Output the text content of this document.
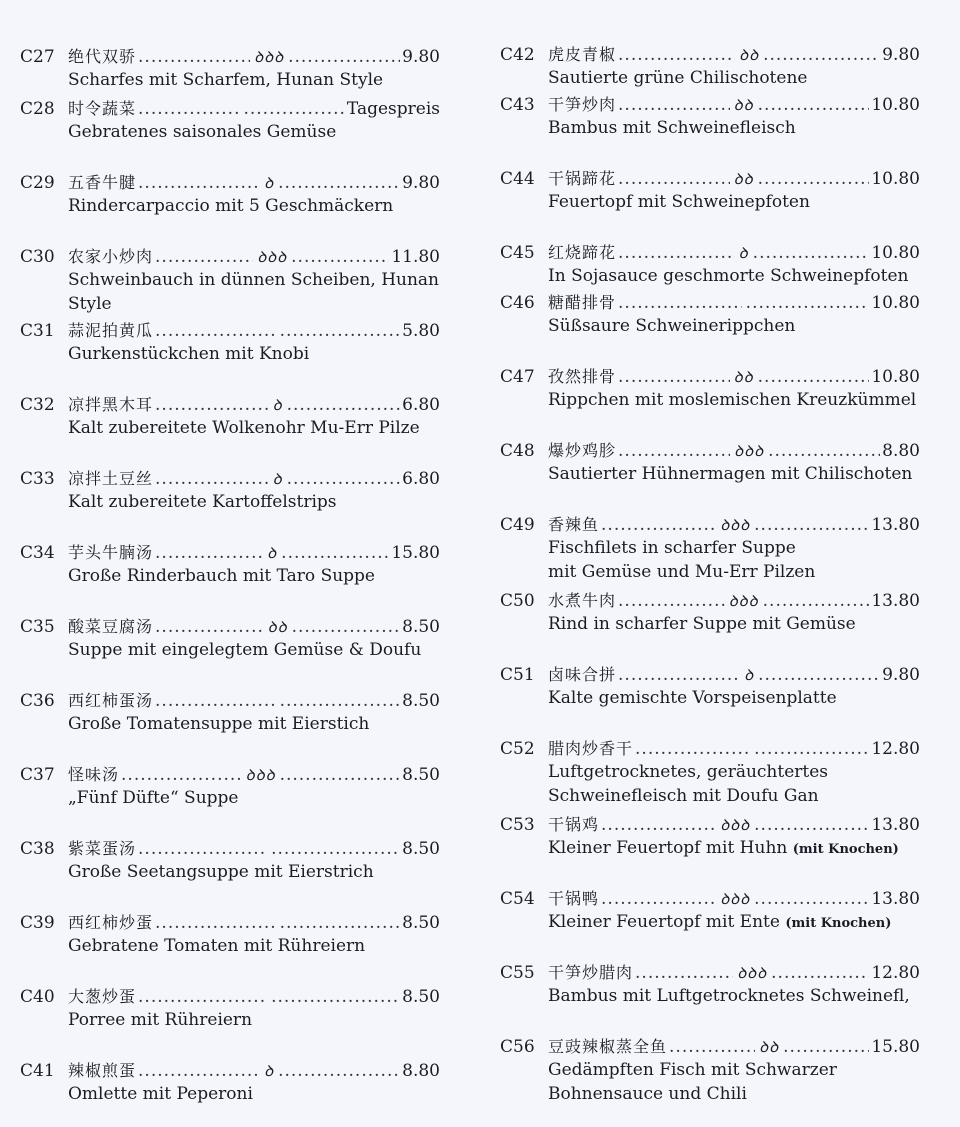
C27 绝代双骄 .....	ꝺꝺꝺ .....	9.80
Scharfes mit Scharfem, Hunan Style
C28 时令蔬菜 ..... .....	Tagespreis
Gebratenes saisonales Gemüse
C29 五香牛腱 .....	ꝺ .....	9.80
Rindercarpaccio mit 5 Geschmäckern
C30 农家小炒肉 .....	ꝺꝺꝺ .....	11.80
Schweinbauch in dünnen Scheiben, Hunan
Style
C31 蒜泥拍黄瓜 ..... .....	5.80
Gurkenstückchen mit Knobi
C32 凉拌黑木耳 .....	ꝺ .....	6.80
Kalt zubereitete Wolkenohr Mu-Err Pilze
C33 凉拌土豆丝 .....	ꝺ .....	6.80
Kalt zubereitete Kartoffelstrips
C34 芋头牛腩汤 .....	ꝺ .....	15.80
Große Rinderbauch mit Taro Suppe
C35 酸菜豆腐汤 .....	ꝺꝺ .....	8.50
Suppe mit eingelegtem Gemüse & Doufu
C36 西红柿蛋汤 ..... .....	8.50
Große Tomatensuppe mit Eierstich
C37 怪味汤 .....	ꝺꝺꝺ .....	8.50
„Fünf Düfte“ Suppe
C38 紫菜蛋汤 ..... .....	8.50
Große Seetangsuppe mit Eierstrich
C39 西红柿炒蛋 ..... .....	8.50
Gebratene Tomaten mit Rühreiern
C40 大葱炒蛋 ..... .....	8.50
Porree mit Rühreiern
C41 辣椒煎蛋 .....	ꝺ .....	8.80
Omlette mit Peperoni
C42 虎皮青椒 .....	ꝺꝺ .....	9.80
Sautierte grüne Chilischotene
C43 干笋炒肉 .....	ꝺꝺ .....	10.80
Bambus mit Schweinefleisch
C44 干锅蹄花 .....	ꝺꝺ .....	10.80
Feuertopf mit Schweinepfoten
C45 红烧蹄花 .....	ꝺ .....	10.80
In Sojasauce geschmorte Schweinepfoten
C46 糖醋排骨 ..... .....	10.80
Süßsaure Schweinerippchen
C47 孜然排骨 .....	ꝺꝺ .....	10.80
Rippchen mit moslemischen Kreuzkümmel
C48 爆炒鸡胗 .....	ꝺꝺꝺ .....	8.80
Sautierter Hühnermagen mit Chilischoten
C49 香辣鱼 .....	ꝺꝺꝺ .....	13.80
Fischfilets in scharfer Suppe
mit Gemüse und Mu-Err Pilzen
C50 水煮牛肉 .....	ꝺꝺꝺ .....	13.80
Rind in scharfer Suppe mit Gemüse
C51 卤味合拼 .....	ꝺ .....	9.80
Kalte gemischte Vorspeisenplatte
C52 腊肉炒香干 ..... .....	12.80
Luftgetrocknetes, geräuchtertes
Schweinefleisch mit Doufu Gan
C53 干锅鸡 .....	ꝺꝺꝺ .....	13.80
Kleiner Feuertopf mit Huhn (mit Knochen)
C54 干锅鸭 .....	ꝺꝺꝺ .....	13.80
Kleiner Feuertopf mit Ente (mit Knochen)
C55 干笋炒腊肉 .....	ꝺꝺꝺ .....	12.80
Bambus mit Luftgetrocknetes Schweinefl,
C56 豆豉辣椒蒸全鱼 .....	ꝺꝺ .....	15.80
Gedämpften Fisch mit Schwarzer
Bohnensauce und Chili
